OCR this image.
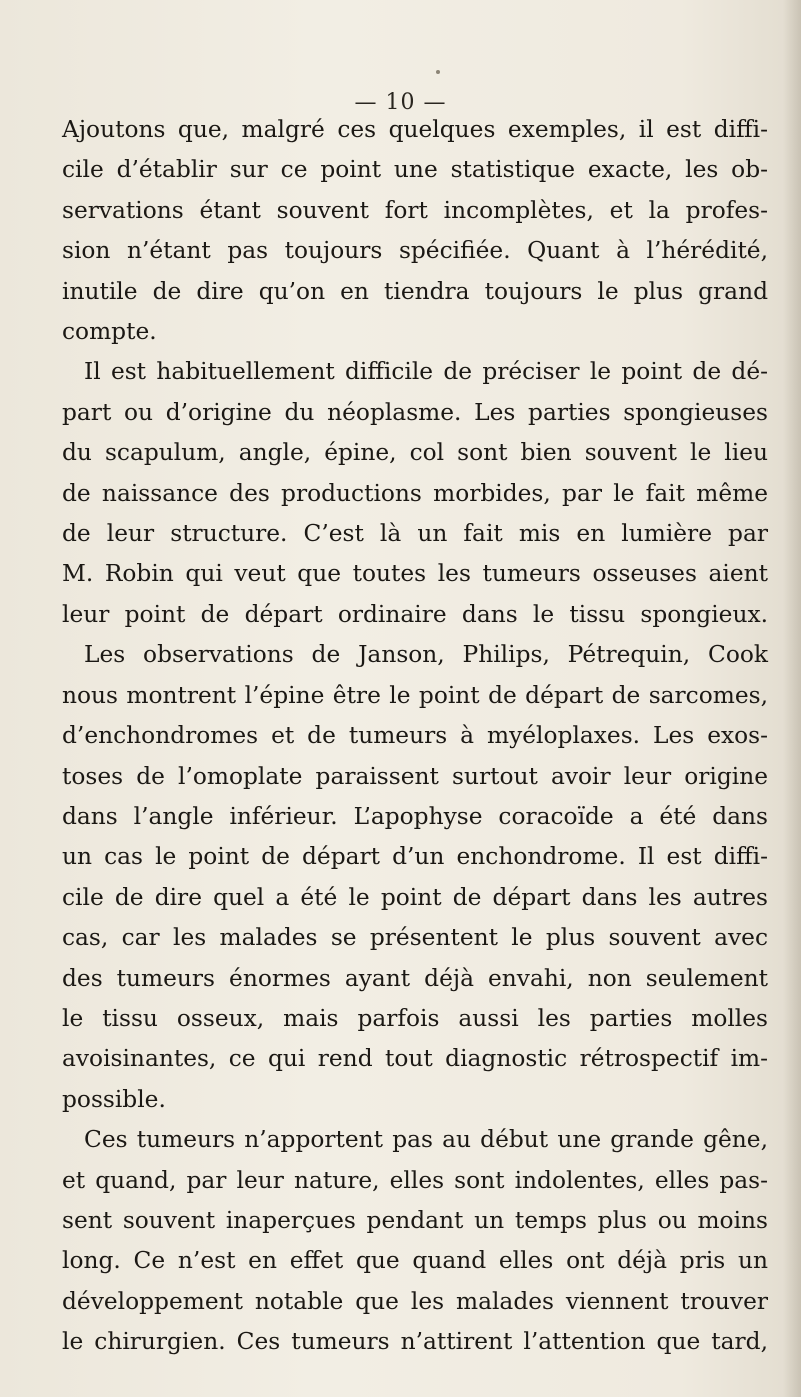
— 10 —
Ajoutons que, malgré ces quelques exemples, il est diffi-
cile d’établir sur ce point une statistique exacte, les ob-
servations étant souvent fort incomplètes, et la profes-
sion n’étant pas toujours spécifiée. Quant à l’hérédité,
inutile de dire qu’on en tiendra toujours le plus grand
compte.
Il est habituellement difficile de préciser le point de dé-
part ou d’origine du néoplasme. Les parties spongieuses
du scapulum, angle, épine, col sont bien souvent le lieu
de naissance des productions morbides, par le fait même
de leur structure. C’est là un fait mis en lumière par
M. Robin qui veut que toutes les tumeurs osseuses aient
leur point de départ ordinaire dans le tissu spongieux.
Les observations de Janson, Philips, Pétrequin, Cook
nous montrent l’épine être le point de départ de sarcomes,
d’enchondromes et de tumeurs à myéloplaxes. Les exos-
toses de l’omoplate paraissent surtout avoir leur origine
dans l’angle inférieur. L’apophyse coracoïde a été dans
un cas le point de départ d’un enchondrome. Il est diffi-
cile de dire quel a été le point de départ dans les autres
cas, car les malades se présentent le plus souvent avec
des tumeurs énormes ayant déjà envahi, non seulement
le tissu osseux, mais parfois aussi les parties molles
avoisinantes, ce qui rend tout diagnostic rétrospectif im-
possible.
Ces tumeurs n’apportent pas au début une grande gêne,
et quand, par leur nature, elles sont indolentes, elles pas-
sent souvent inaperçues pendant un temps plus ou moins
long. Ce n’est en effet que quand elles ont déjà pris un
développement notable que les malades viennent trouver
le chirurgien. Ces tumeurs n’attirent l’attention que tard,
